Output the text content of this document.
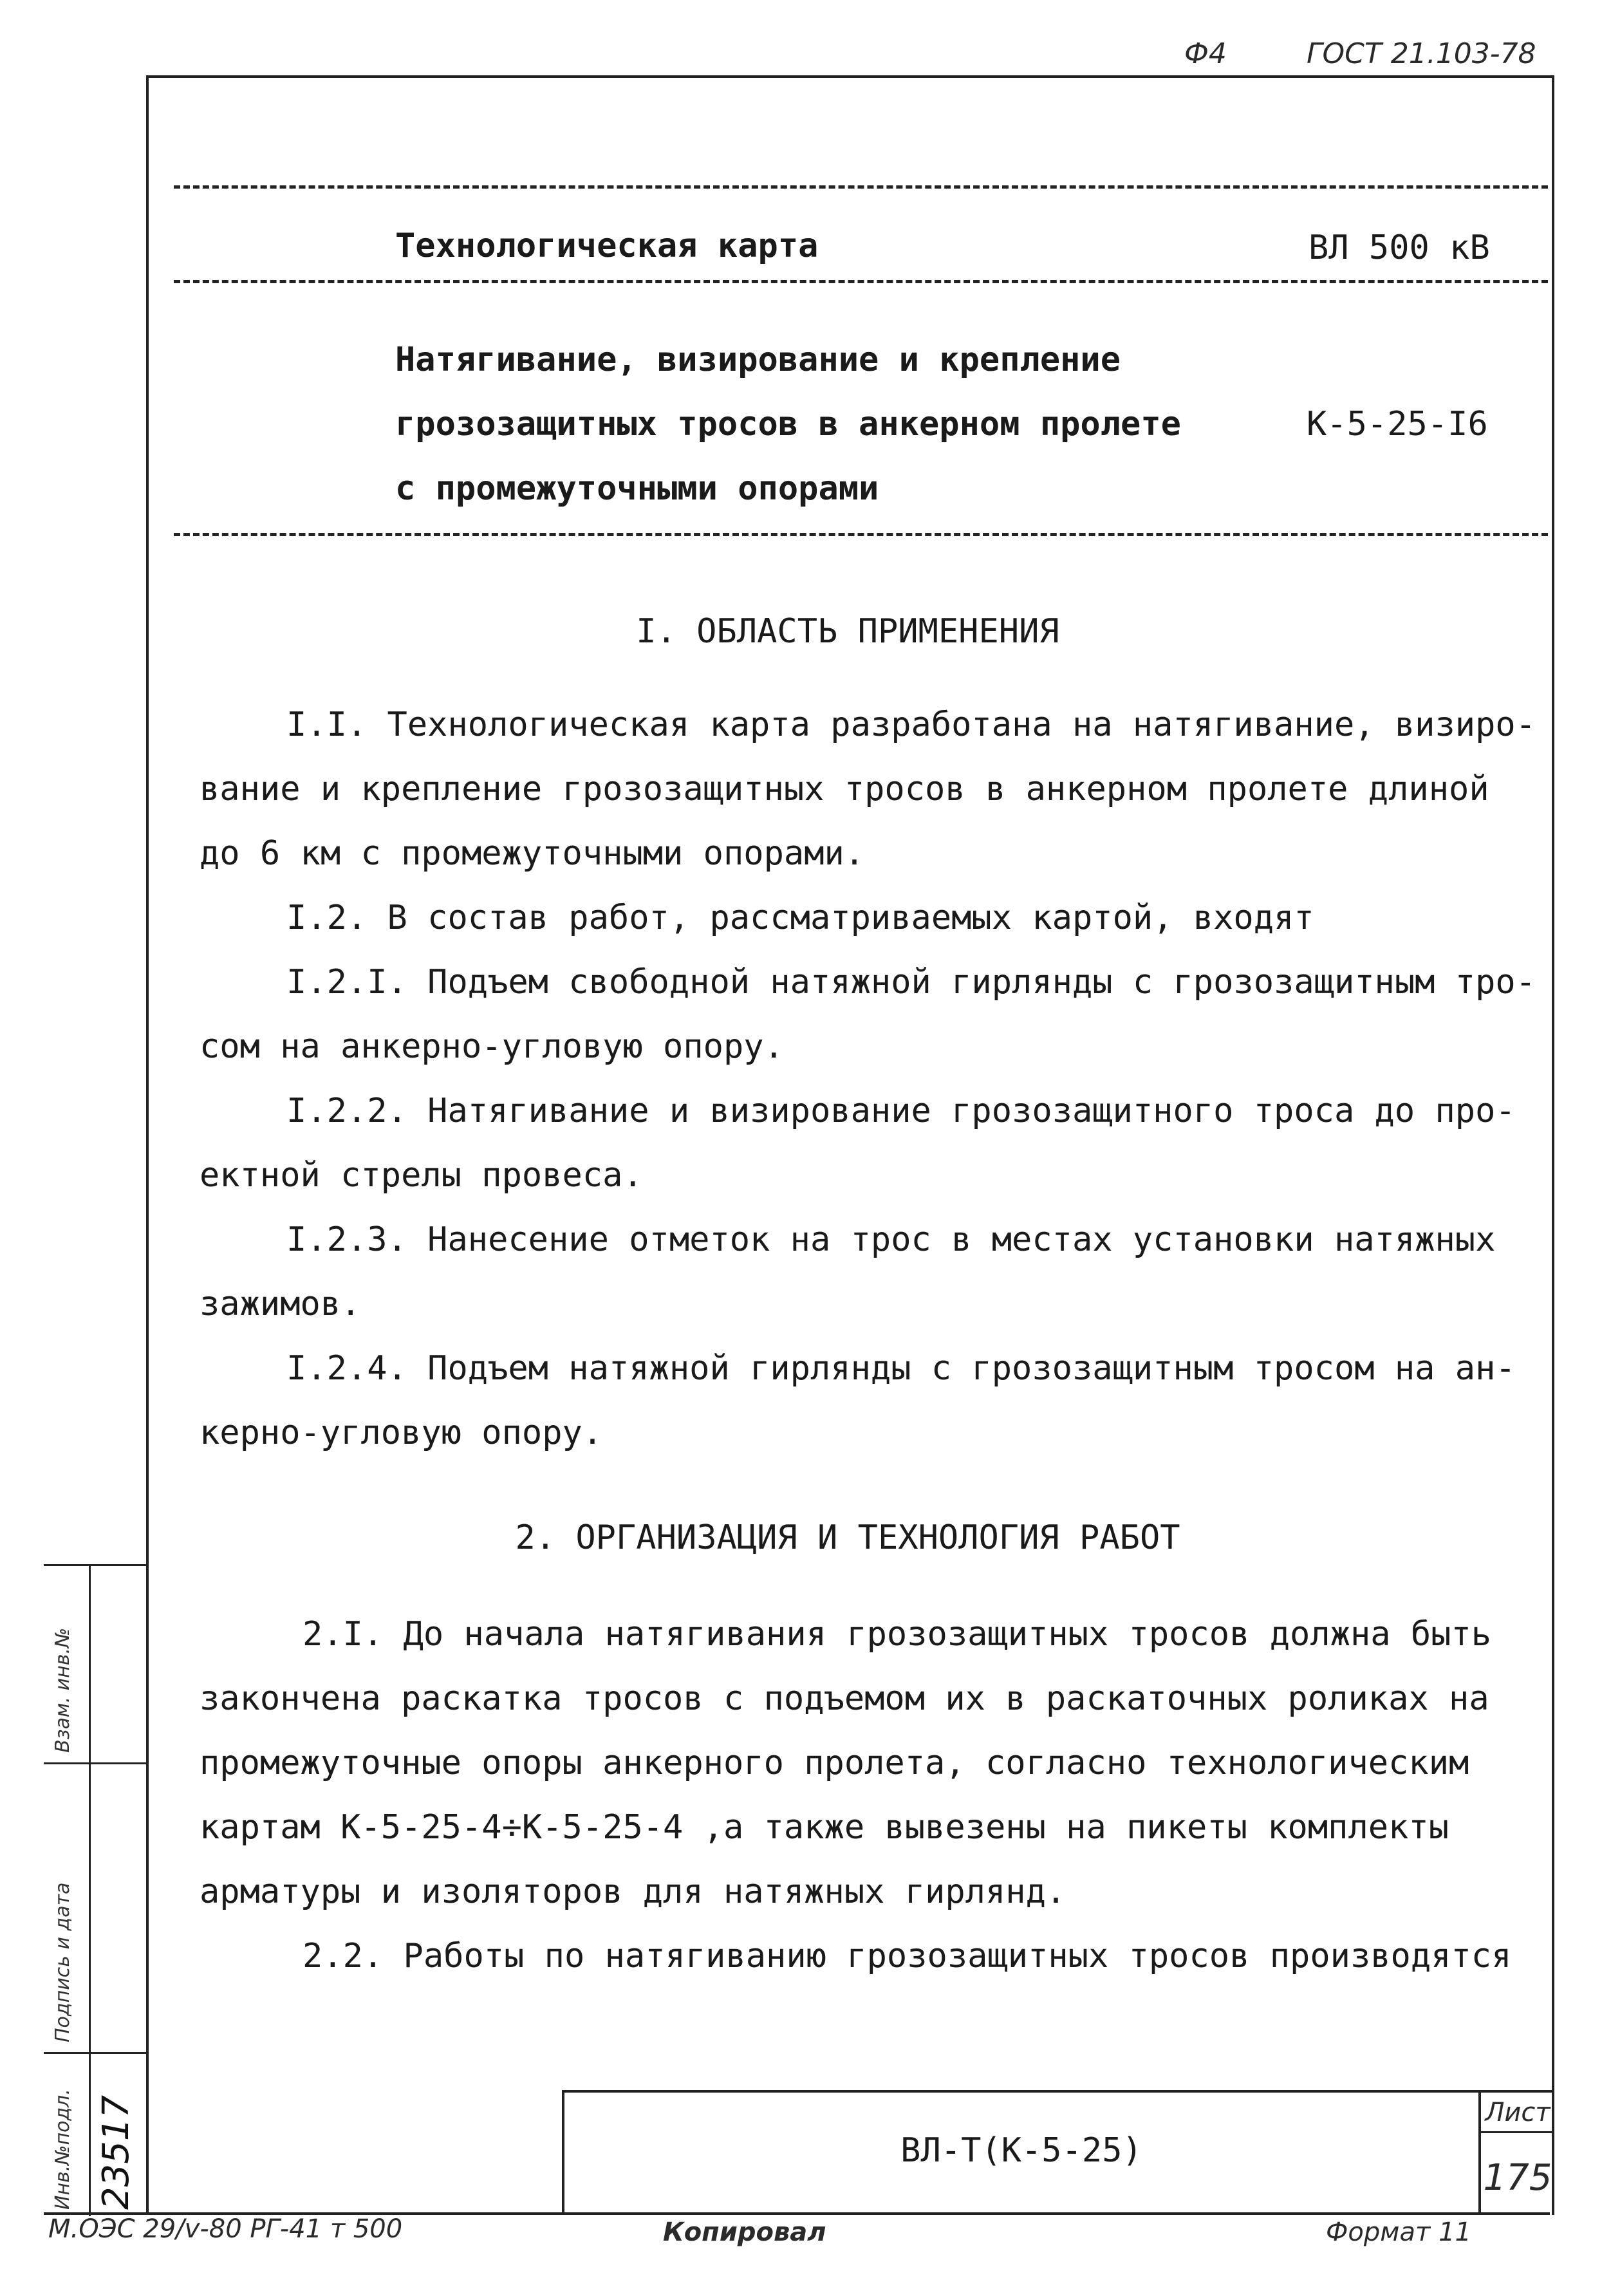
Ф4	ГОСТ 21.103-78
Технологическая карта	ВЛ 500 кВ
Натягивание, визирование и крепление
грозозащитных тросов в анкерном пролете	К-5-25-I6
с промежуточными опорами
I. ОБЛАСТЬ ПРИМЕНЕНИЯ
I.I. Технологическая карта разработана на натягивание, визиро-
вание и крепление грозозащитных тросов в анкерном пролете длиной
до 6 км с промежуточными опорами.
I.2. В состав работ, рассматриваемых картой, входят
I.2.I. Подъем свободной натяжной гирлянды с грозозащитным тро-
сом на анкерно-угловую опору.
I.2.2. Натягивание и визирование грозозащитного троса до про-
ектной стрелы провеса.
I.2.3. Нанесение отметок на трос в местах установки натяжных
зажимов.
I.2.4. Подъем натяжной гирлянды с грозозащитным тросом на ан-
керно-угловую опору.
2. ОРГАНИЗАЦИЯ И ТЕХНОЛОГИЯ РАБОТ
2.I. До начала натягивания грозозащитных тросов должна быть
закончена раскатка тросов с подъемом их в раскаточных роликах на
промежуточные опоры анкерного пролета, согласно технологическим
картам К-5-25-4÷К-5-25-4 ,а также вывезены на пикеты комплекты
арматуры и изоляторов для натяжных гирлянд.
2.2. Работы по натягиванию грозозащитных тросов производятся
Взам. инв.№
Подпись и дата
Инв.№подл. 23517	ВЛ-Т(К-5-25)
Лист
175
М.ОЭС 29/v-80 РГ-41 т 500	Копировал	Формат 11
